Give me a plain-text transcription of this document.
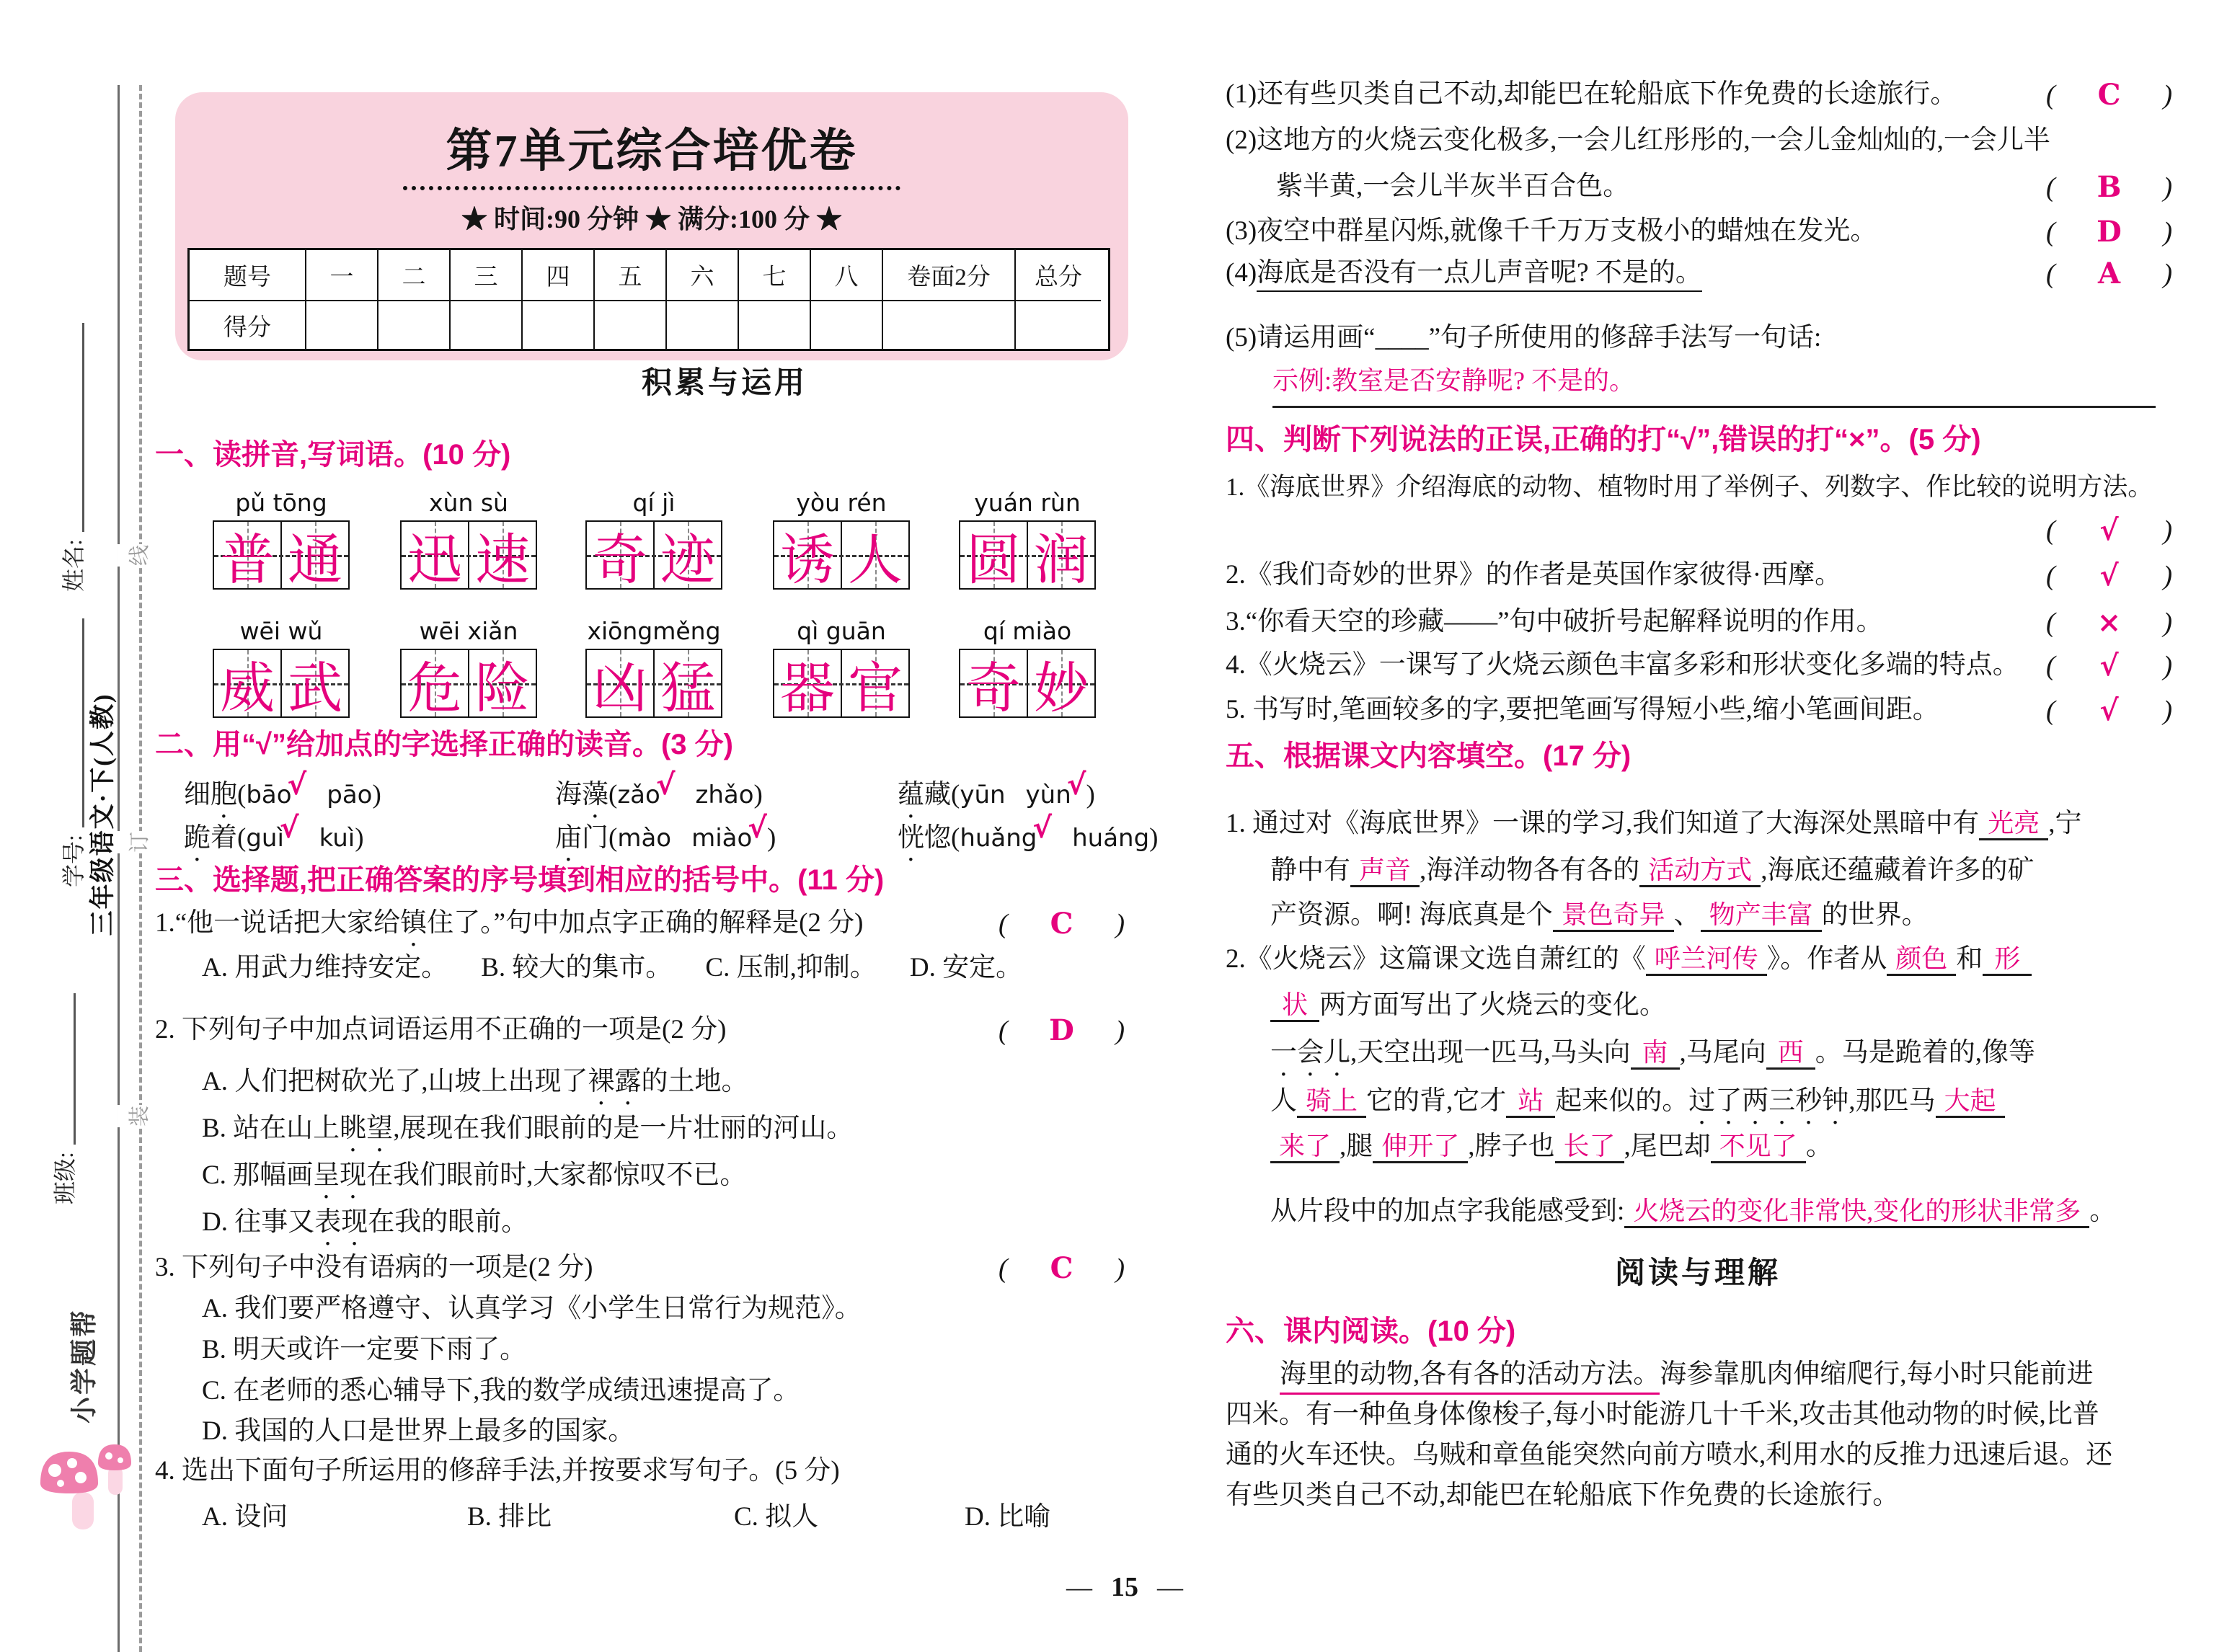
线
订
装
姓名:
学号:
班级:
三年级语文·下(人教)
小学题帮
第7单元综合培优卷
★ 时间:90 分钟 ★ 满分:100 分 ★
题号	一	二	三	四	五	六	七	八	卷面2分	总分
得分
积累与运用
一、读拼音,写词语。(10 分)
pǔ tōng	xùn sù	qí jì	yòu rén	yuán rùn
普 通 迅 速 奇 迹 诱 人 圆 润
wēi wǔ	wēi xiǎn	xiōngměng	qì guān	qí miào
威 武 危 险 凶 猛 器 官 奇 妙
二、用“√”给加点的字选择正确的读音。(3 分)
细胞(bāo√ pāo)	海藻(zǎo√ zhǎo)	蕴藏(yūn yùn√)
跪着(guì√ kuì)	庙门(mào miào√)	恍惚(huǎng√ huáng)
三、选择题,把正确答案的序号填到相应的括号中。(11 分)
1.“他一说话把大家给镇住了。”句中加点字正确的解释是(2 分)	( C )
A. 用武力维持安定。 B. 较大的集市。 C. 压制,抑制。 D. 安定。
2. 下列句子中加点词语运用不正确的一项是(2 分)	( D )
A. 人们把树砍光了,山坡上出现了裸露的土地。
B. 站在山上眺望,展现在我们眼前的是一片壮丽的河山。
C. 那幅画呈现在我们眼前时,大家都惊叹不已。
D. 往事又表现在我的眼前。
3. 下列句子中没有语病的一项是(2 分)	( C )
A. 我们要严格遵守、认真学习《小学生日常行为规范》。
B. 明天或许一定要下雨了。
C. 在老师的悉心辅导下,我的数学成绩迅速提高了。
D. 我国的人口是世界上最多的国家。
4. 选出下面句子所运用的修辞手法,并按要求写句子。(5 分)
A. 设问	B. 排比	C. 拟人	D. 比喻
(1)还有些贝类自己不动,却能巴在轮船底下作免费的长途旅行。	( C )
(2)这地方的火烧云变化极多,一会儿红彤彤的,一会儿金灿灿的,一会儿半
紫半黄,一会儿半灰半百合色。	( B )
(3)夜空中群星闪烁,就像千千万万支极小的蜡烛在发光。	( D )
(4)海底是否没有一点儿声音呢? 不是的。	( A )
(5)请运用画“____”句子所使用的修辞手法写一句话:
示例:教室是否安静呢? 不是的。
四、判断下列说法的正误,正确的打“√”,错误的打“×”。(5 分)
1.《海底世界》介绍海底的动物、植物时用了举例子、列数字、作比较的说明方法。
( √ )
2.《我们奇妙的世界》的作者是英国作家彼得·西摩。	( √ )
3.“你看天空的珍藏——”句中破折号起解释说明的作用。	( × )
4.《火烧云》一课写了火烧云颜色丰富多彩和形状变化多端的特点。 ( √ )
5. 书写时,笔画较多的字,要把笔画写得短小些,缩小笔画间距。	( √ )
五、根据课文内容填空。(17 分)
1. 通过对《海底世界》一课的学习,我们知道了大海深处黑暗中有 光亮 ,宁
静中有 声音 ,海洋动物各有各的 活动方式 ,海底还蕴藏着许多的矿
产资源。啊! 海底真是个 景色奇异 、 物产丰富 的世界。
2.《火烧云》这篇课文选自萧红的《 呼兰河传 》。作者从 颜色 和 形
状 两方面写出了火烧云的变化。
一会儿,天空出现一匹马,马头向 南 ,马尾向 西 。马是跪着的,像等
人 骑上 它的背,它才 站 起来似的。过了两三秒钟,那匹马 大起
来了 ,腿 伸开了 ,脖子也 长了 ,尾巴却 不见了 。
从片段中的加点字我能感受到: 火烧云的变化非常快,变化的形状非常多 。
阅读与理解
六、课内阅读。(10 分)
海里的动物,各有各的活动方法。海参靠肌肉伸缩爬行,每小时只能前进
四米。有一种鱼身体像梭子,每小时能游几十千米,攻击其他动物的时候,比普
通的火车还快。乌贼和章鱼能突然向前方喷水,利用水的反推力迅速后退。还
有些贝类自己不动,却能巴在轮船底下作免费的长途旅行。
— 15 —
